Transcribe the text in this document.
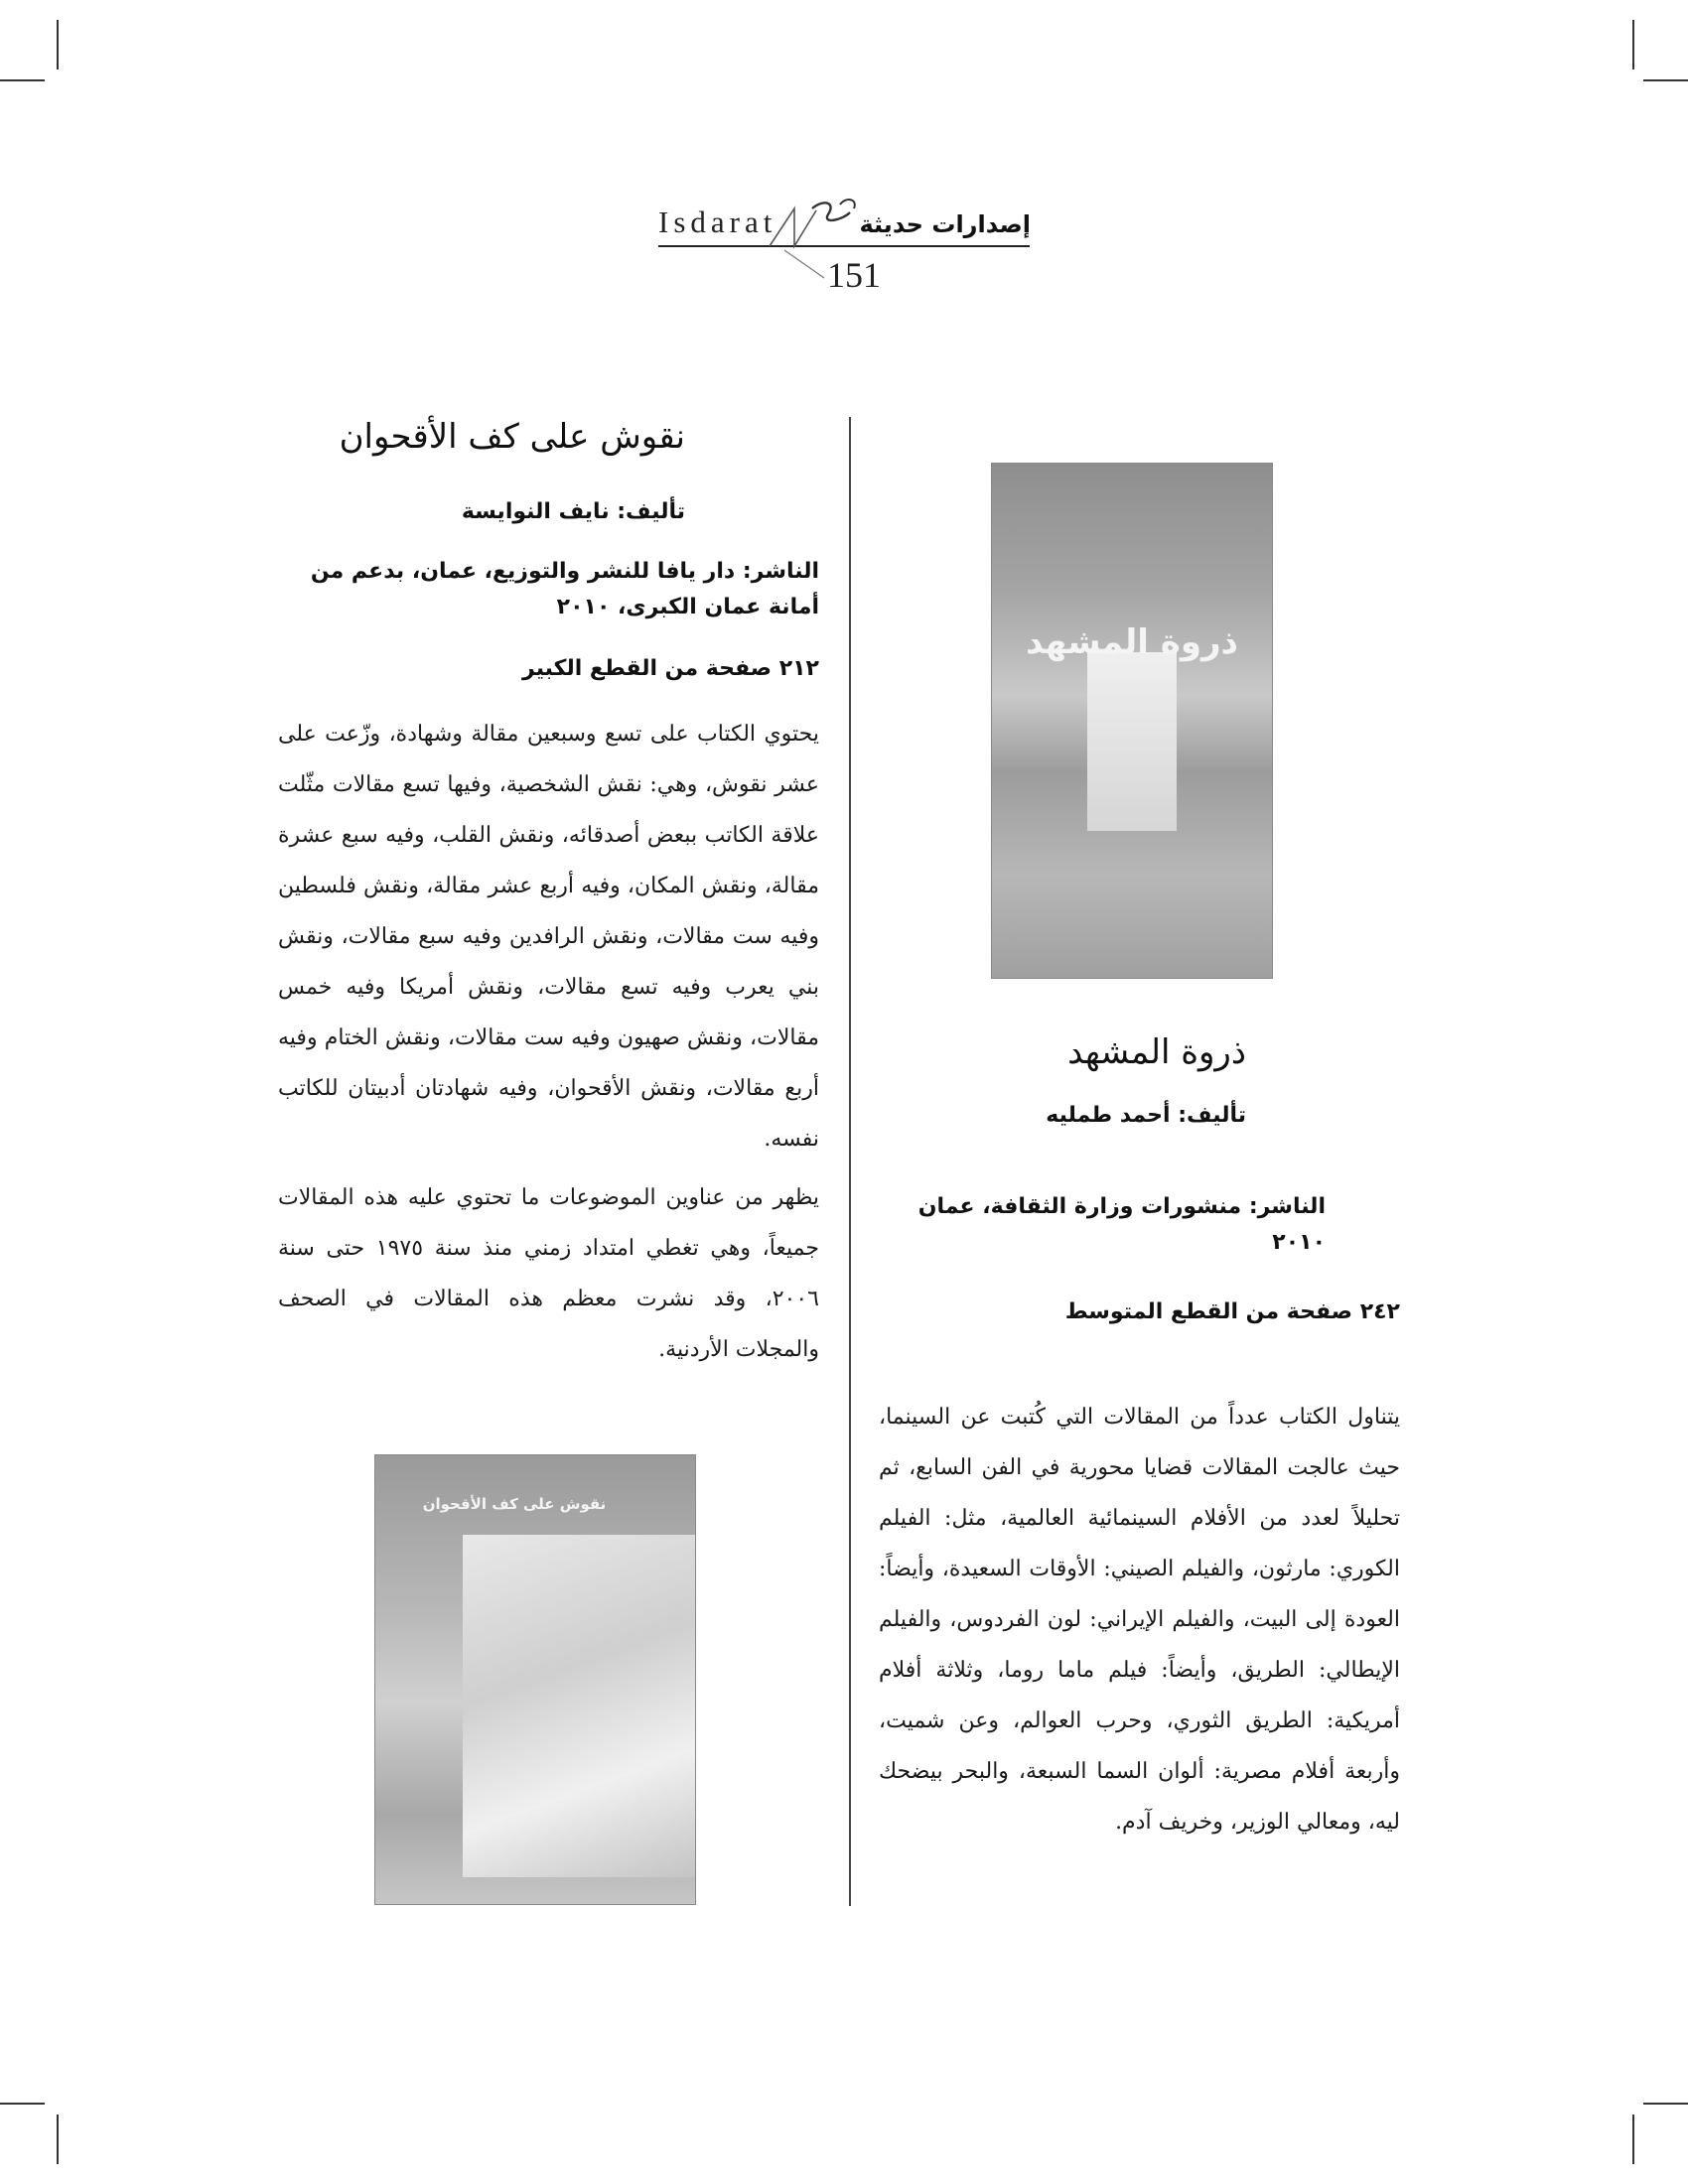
Isdarat	إصدارات حديثة
151
نقوش على كف الأقحوان
تأليف: نايف النوايسة
الناشر: دار يافا للنشر والتوزيع، عمان، بدعم من أمانة عمان الكبرى، ٢٠١٠
٢١٢ صفحة من القطع الكبير

يحتوي الكتاب على تسع وسبعين مقالة وشهادة، وزّعت على عشر نقوش، وهي: نقش الشخصية، وفيها تسع مقالات مثّلت علاقة الكاتب ببعض أصدقائه، ونقش القلب، وفيه سبع عشرة مقالة، ونقش المكان، وفيه أربع عشر مقالة، ونقش فلسطين وفيه ست مقالات، ونقش الرافدين وفيه سبع مقالات، ونقش بني يعرب وفيه تسع مقالات، ونقش أمريكا وفيه خمس مقالات، ونقش صهيون وفيه ست مقالات، ونقش الختام وفيه أربع مقالات، ونقش الأقحوان، وفيه شهادتان أدبيتان للكاتب نفسه.

يظهر من عناوين الموضوعات ما تحتوي عليه هذه المقالات جميعاً، وهي تغطي امتداد زمني منذ سنة ١٩٧٥ حتى سنة ٢٠٠٦، وقد نشرت معظم هذه المقالات في الصحف والمجلات الأردنية.

نقوش على كف الأقحوان
ذروة المشهد
ذروة المشهد
تأليف: أحمد طمليه
الناشر: منشورات وزارة الثقافة، عمان ٢٠١٠
٢٤٢ صفحة من القطع المتوسط

يتناول الكتاب عدداً من المقالات التي كُتبت عن السينما، حيث عالجت المقالات قضايا محورية في الفن السابع، ثم تحليلاً لعدد من الأفلام السينمائية العالمية، مثل: الفيلم الكوري: مارثون، والفيلم الصيني: الأوقات السعيدة، وأيضاً: العودة إلى البيت، والفيلم الإيراني: لون الفردوس، والفيلم الإيطالي: الطريق، وأيضاً: فيلم ماما روما، وثلاثة أفلام أمريكية: الطريق الثوري، وحرب العوالم، وعن شميت، وأربعة أفلام مصرية: ألوان السما السبعة، والبحر بيضحك ليه، ومعالي الوزير، وخريف آدم.
